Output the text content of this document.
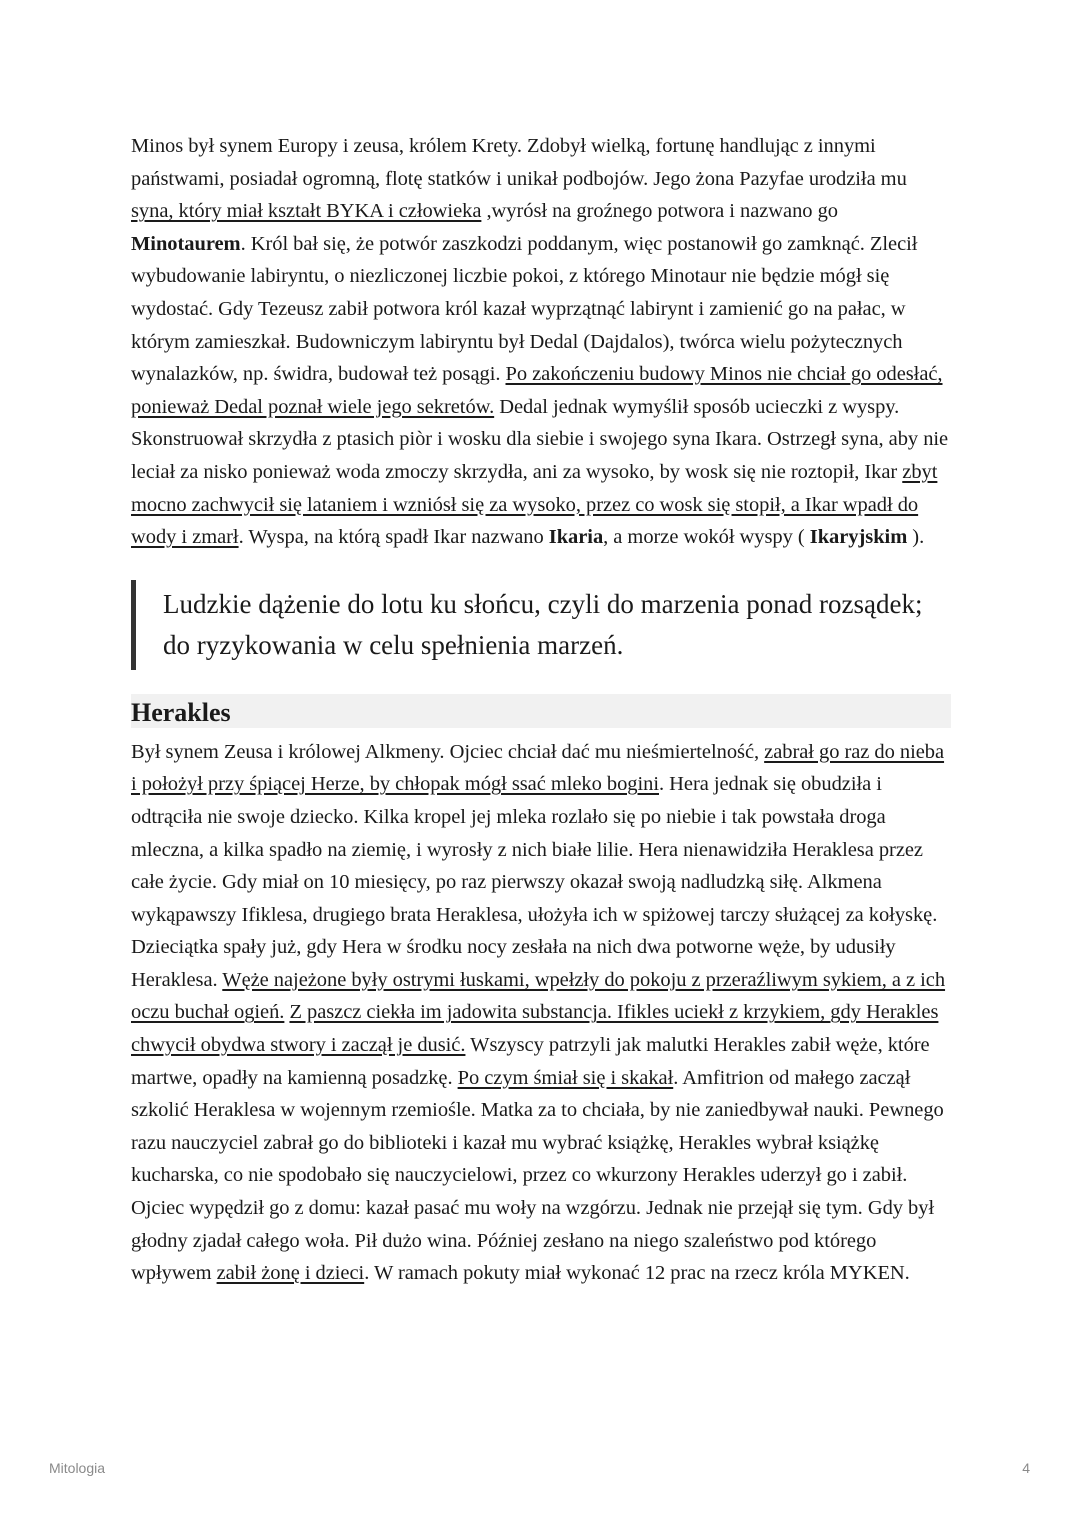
Minos był synem Europy i zeusa, królem Krety. Zdobył wielką, fortunę handlując z innymi państwami, posiadał ogromną, flotę statków i unikał podbojów. Jego żona Pazyfae urodziła mu syna, który miał kształt BYKA i człowieka ,wyrósł na groźnego potwora i nazwano go Minotaurem. Król bał się, że potwór zaszkodzi poddanym, więc postanowił go zamknąć. Zlecił wybudowanie labiryntu, o niezliczonej liczbie pokoi, z którego Minotaur nie będzie mógł się wydostać. Gdy Tezeusz zabił potwora król kazał wyprzątnąć labirynt i zamienić go na pałac, w którym zamieszkał. Budowniczym labiryntu był Dedal (Dajdalos), twórca wielu pożytecznych wynalazków, np. świdra, budował też posągi. Po zakończeniu budowy Minos nie chciał go odesłać, ponieważ Dedal poznał wiele jego sekretów. Dedal jednak wymyślił sposób ucieczki z wyspy. Skonstruował skrzydła z ptasich piòr i wosku dla siebie i swojego syna Ikara. Ostrzegł syna, aby nie leciał za nisko ponieważ woda zmoczy skrzydła, ani za wysoko, by wosk się nie roztopił, Ikar zbyt mocno zachwycił się lataniem i wzniósł się za wysoko, przez co wosk się stopił, a Ikar wpadł do wody i zmarł. Wyspa, na którą spadł Ikar nazwano Ikaria, a morze wokół wyspy ( Ikaryjskim ).

Ludzkie dążenie do lotu ku słońcu, czyli do marzenia ponad rozsądek; do ryzykowania w celu spełnienia marzeń.
Herakles

Był synem Zeusa i królowej Alkmeny. Ojciec chciał dać mu nieśmiertelność, zabrał go raz do nieba i położył przy śpiącej Herze, by chłopak mógł ssać mleko bogini. Hera jednak się obudziła i odtrąciła nie swoje dziecko. Kilka kropel jej mleka rozlało się po niebie i tak powstała droga mleczna, a kilka spadło na ziemię, i wyrosły z nich białe lilie. Hera nienawidziła Heraklesa przez całe życie. Gdy miał on 10 miesięcy, po raz pierwszy okazał swoją nadludzką siłę. Alkmena wykąpawszy Ifiklesa, drugiego brata Heraklesa, ułożyła ich w spiżowej tarczy służącej za kołyskę. Dzieciątka spały już, gdy Hera w środku nocy zesłała na nich dwa potworne węże, by udusiły Heraklesa. Węże najeżone były ostrymi łuskami, wpełzły do pokoju z przeraźliwym sykiem, a z ich oczu buchał ogień. Z paszcz ciekła im jadowita substancja. Ifikles uciekł z krzykiem, gdy Herakles chwycił obydwa stwory i zaczął je dusić. Wszyscy patrzyli jak malutki Herakles zabił węże, które martwe, opadły na kamienną posadzkę. Po czym śmiał się i skakał. Amfitrion od małego zaczął szkolić Heraklesa w wojennym rzemiośle. Matka za to chciała, by nie zaniedbywał nauki. Pewnego razu nauczyciel zabrał go do biblioteki i kazał mu wybrać książkę, Herakles wybrał książkę kucharska, co nie spodobało się nauczycielowi, przez co wkurzony Herakles uderzył go i zabił. Ojciec wypędził go z domu: kazał pasać mu woły na wzgórzu. Jednak nie przejął się tym. Gdy był głodny zjadał całego woła. Pił dużo wina. Później zesłano na niego szaleństwo pod którego wpływem zabił żonę i dzieci. W ramach pokuty miał wykonać 12 prac na rzecz króla MYKEN.

Mitologia	4
